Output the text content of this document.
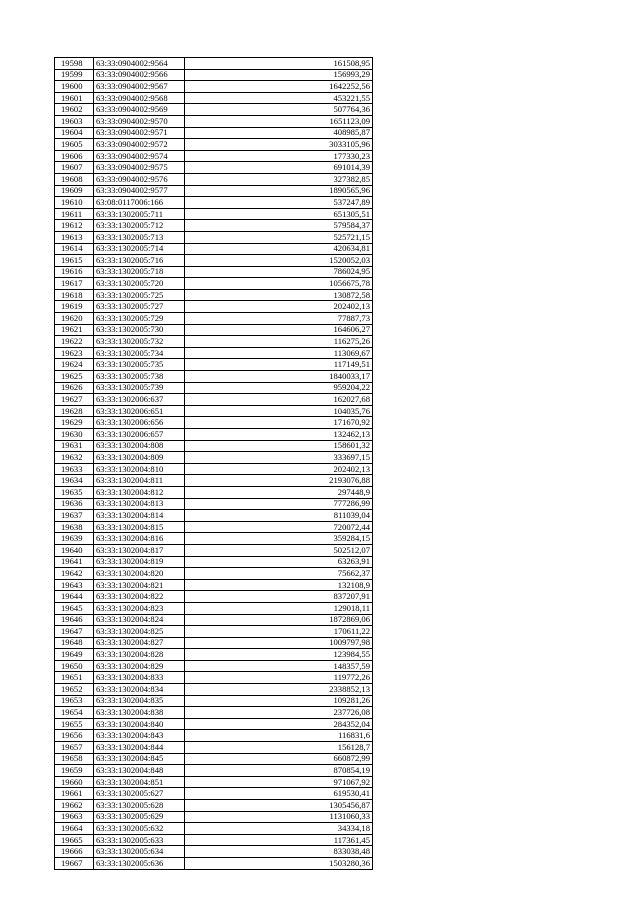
19598	63:33:0904002:9564	161508,95
19599	63:33:0904002:9566	156993,29
19600	63:33:0904002:9567	1642252,56
19601	63:33:0904002:9568	453221,55
19602	63:33:0904002:9569	507764,36
19603	63:33:0904002:9570	1651123,09
19604	63:33:0904002:9571	408985,87
19605	63:33:0904002:9572	3033105,96
19606	63:33:0904002:9574	177330,23
19607	63:33:0904002:9575	691014,39
19608	63:33:0904002:9576	327382,85
19609	63:33:0904002:9577	1890565,96
19610	63:08:0117006:166	537247,89
19611	63:33:1302005:711	651305,51
19612	63:33:1302005:712	579584,37
19613	63:33:1302005:713	525721,15
19614	63:33:1302005:714	420634,81
19615	63:33:1302005:716	1520052,03
19616	63:33:1302005:718	786024,95
19617	63:33:1302005:720	1056675,78
19618	63:33:1302005:725	130872,58
19619	63:33:1302005:727	202402,13
19620	63:33:1302005:729	77887,73
19621	63:33:1302005:730	164606,27
19622	63:33:1302005:732	116275,26
19623	63:33:1302005:734	113069,67
19624	63:33:1302005:735	117149,51
19625	63:33:1302005:738	1840033,17
19626	63:33:1302005:739	959204,22
19627	63:33:1302006:637	162027,68
19628	63:33:1302006:651	104035,76
19629	63:33:1302006:656	171670,92
19630	63:33:1302006:657	132462,13
19631	63:33:1302004:808	158601,32
19632	63:33:1302004:809	333697,15
19633	63:33:1302004:810	202402,13
19634	63:33:1302004:811	2193076,88
19635	63:33:1302004:812	297448,9
19636	63:33:1302004:813	777286,99
19637	63:33:1302004:814	811039,04
19638	63:33:1302004:815	720072,44
19639	63:33:1302004:816	359284,15
19640	63:33:1302004:817	502512,07
19641	63:33:1302004:819	63263,91
19642	63:33:1302004:820	75662,37
19643	63:33:1302004:821	132108,9
19644	63:33:1302004:822	837207,91
19645	63:33:1302004:823	129018,11
19646	63:33:1302004:824	1872869,06
19647	63:33:1302004:825	170611,22
19648	63:33:1302004:827	1009797,98
19649	63:33:1302004:828	123984,55
19650	63:33:1302004:829	148357,59
19651	63:33:1302004:833	119772,26
19652	63:33:1302004:834	2338852,13
19653	63:33:1302004:835	109281,26
19654	63:33:1302004:838	237726,08
19655	63:33:1302004:840	284352,04
19656	63:33:1302004:843	116831,6
19657	63:33:1302004:844	156128,7
19658	63:33:1302004:845	660872,99
19659	63:33:1302004:848	870854,19
19660	63:33:1302004:851	971067,92
19661	63:33:1302005:627	619530,41
19662	63:33:1302005:628	1305456,87
19663	63:33:1302005:629	1131060,33
19664	63:33:1302005:632	34334,18
19665	63:33:1302005:633	117361,45
19666	63:33:1302005:634	833038,48
19667	63:33:1302005:636	1503280,36
